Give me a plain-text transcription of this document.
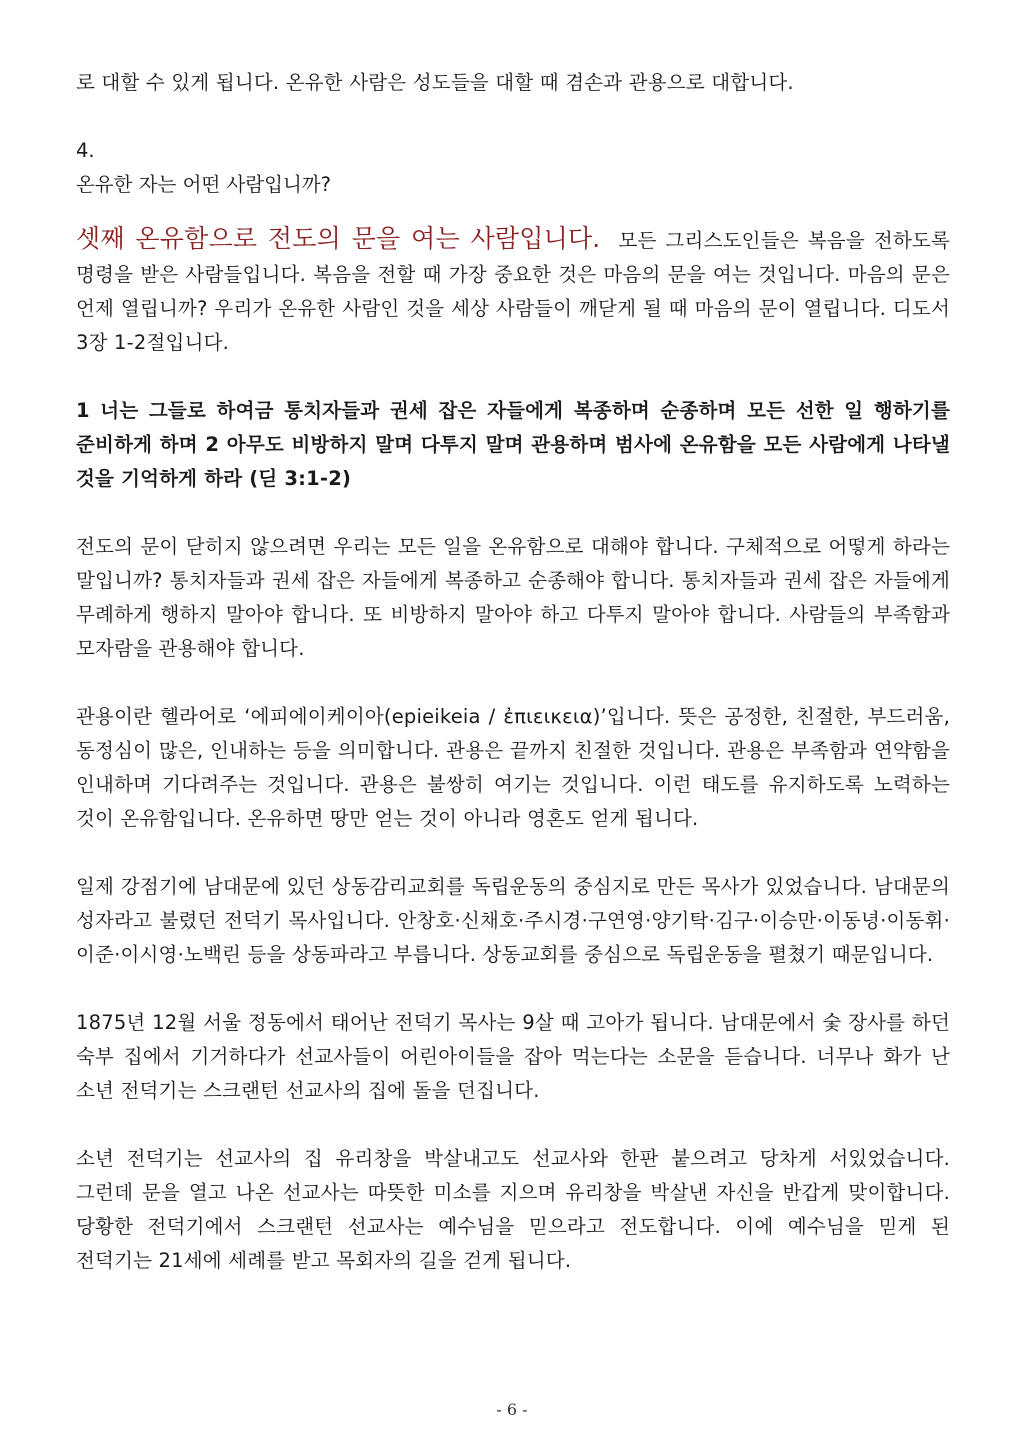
로 대할 수 있게 됩니다. 온유한 사람은 성도들을 대할 때 겸손과 관용으로 대합니다.

4.

온유한 자는 어떤 사람입니까?

셋째 온유함으로 전도의 문을 여는 사람입니다. 모든 그리스도인들은 복음을 전하도록 명령을 받은 사람들입니다. 복음을 전할 때 가장 중요한 것은 마음의 문을 여는 것입니다. 마음의 문은 언제 열립니까? 우리가 온유한 사람인 것을 세상 사람들이 깨닫게 될 때 마음의 문이 열립니다. 디도서 3장 1-2절입니다.

1 너는 그들로 하여금 통치자들과 권세 잡은 자들에게 복종하며 순종하며 모든 선한 일 행하기를 준비하게 하며 2 아무도 비방하지 말며 다투지 말며 관용하며 범사에 온유함을 모든 사람에게 나타낼 것을 기억하게 하라 (딛 3:1-2)

전도의 문이 닫히지 않으려면 우리는 모든 일을 온유함으로 대해야 합니다. 구체적으로 어떻게 하라는 말입니까? 통치자들과 권세 잡은 자들에게 복종하고 순종해야 합니다. 통치자들과 권세 잡은 자들에게 무례하게 행하지 말아야 합니다. 또 비방하지 말아야 하고 다투지 말아야 합니다. 사람들의 부족함과 모자람을 관용해야 합니다.

관용이란 헬라어로 ‘에피에이케이아(epieikeia / ἐπιεικεια)’입니다. 뜻은 공정한, 친절한, 부드러움, 동정심이 많은, 인내하는 등을 의미합니다. 관용은 끝까지 친절한 것입니다. 관용은 부족함과 연약함을 인내하며 기다려주는 것입니다. 관용은 불쌍히 여기는 것입니다. 이런 태도를 유지하도록 노력하는 것이 온유함입니다. 온유하면 땅만 얻는 것이 아니라 영혼도 얻게 됩니다.

일제 강점기에 남대문에 있던 상동감리교회를 독립운동의 중심지로 만든 목사가 있었습니다. 남대문의 성자라고 불렸던 전덕기 목사입니다. 안창호·신채호·주시경·구연영·양기탁·김구·이승만·이동녕·이동휘·이준·이시영·노백린 등을 상동파라고 부릅니다. 상동교회를 중심으로 독립운동을 펼쳤기 때문입니다.

1875년 12월 서울 정동에서 태어난 전덕기 목사는 9살 때 고아가 됩니다. 남대문에서 숯 장사를 하던 숙부 집에서 기거하다가 선교사들이 어린아이들을 잡아 먹는다는 소문을 듣습니다. 너무나 화가 난 소년 전덕기는 스크랜턴 선교사의 집에 돌을 던집니다.

소년 전덕기는 선교사의 집 유리창을 박살내고도 선교사와 한판 붙으려고 당차게 서있었습니다. 그런데 문을 열고 나온 선교사는 따뜻한 미소를 지으며 유리창을 박살낸 자신을 반갑게 맞이합니다. 당황한 전덕기에서 스크랜턴 선교사는 예수님을 믿으라고 전도합니다. 이에 예수님을 믿게 된 전덕기는 21세에 세례를 받고 목회자의 길을 걷게 됩니다.

- 6 -
